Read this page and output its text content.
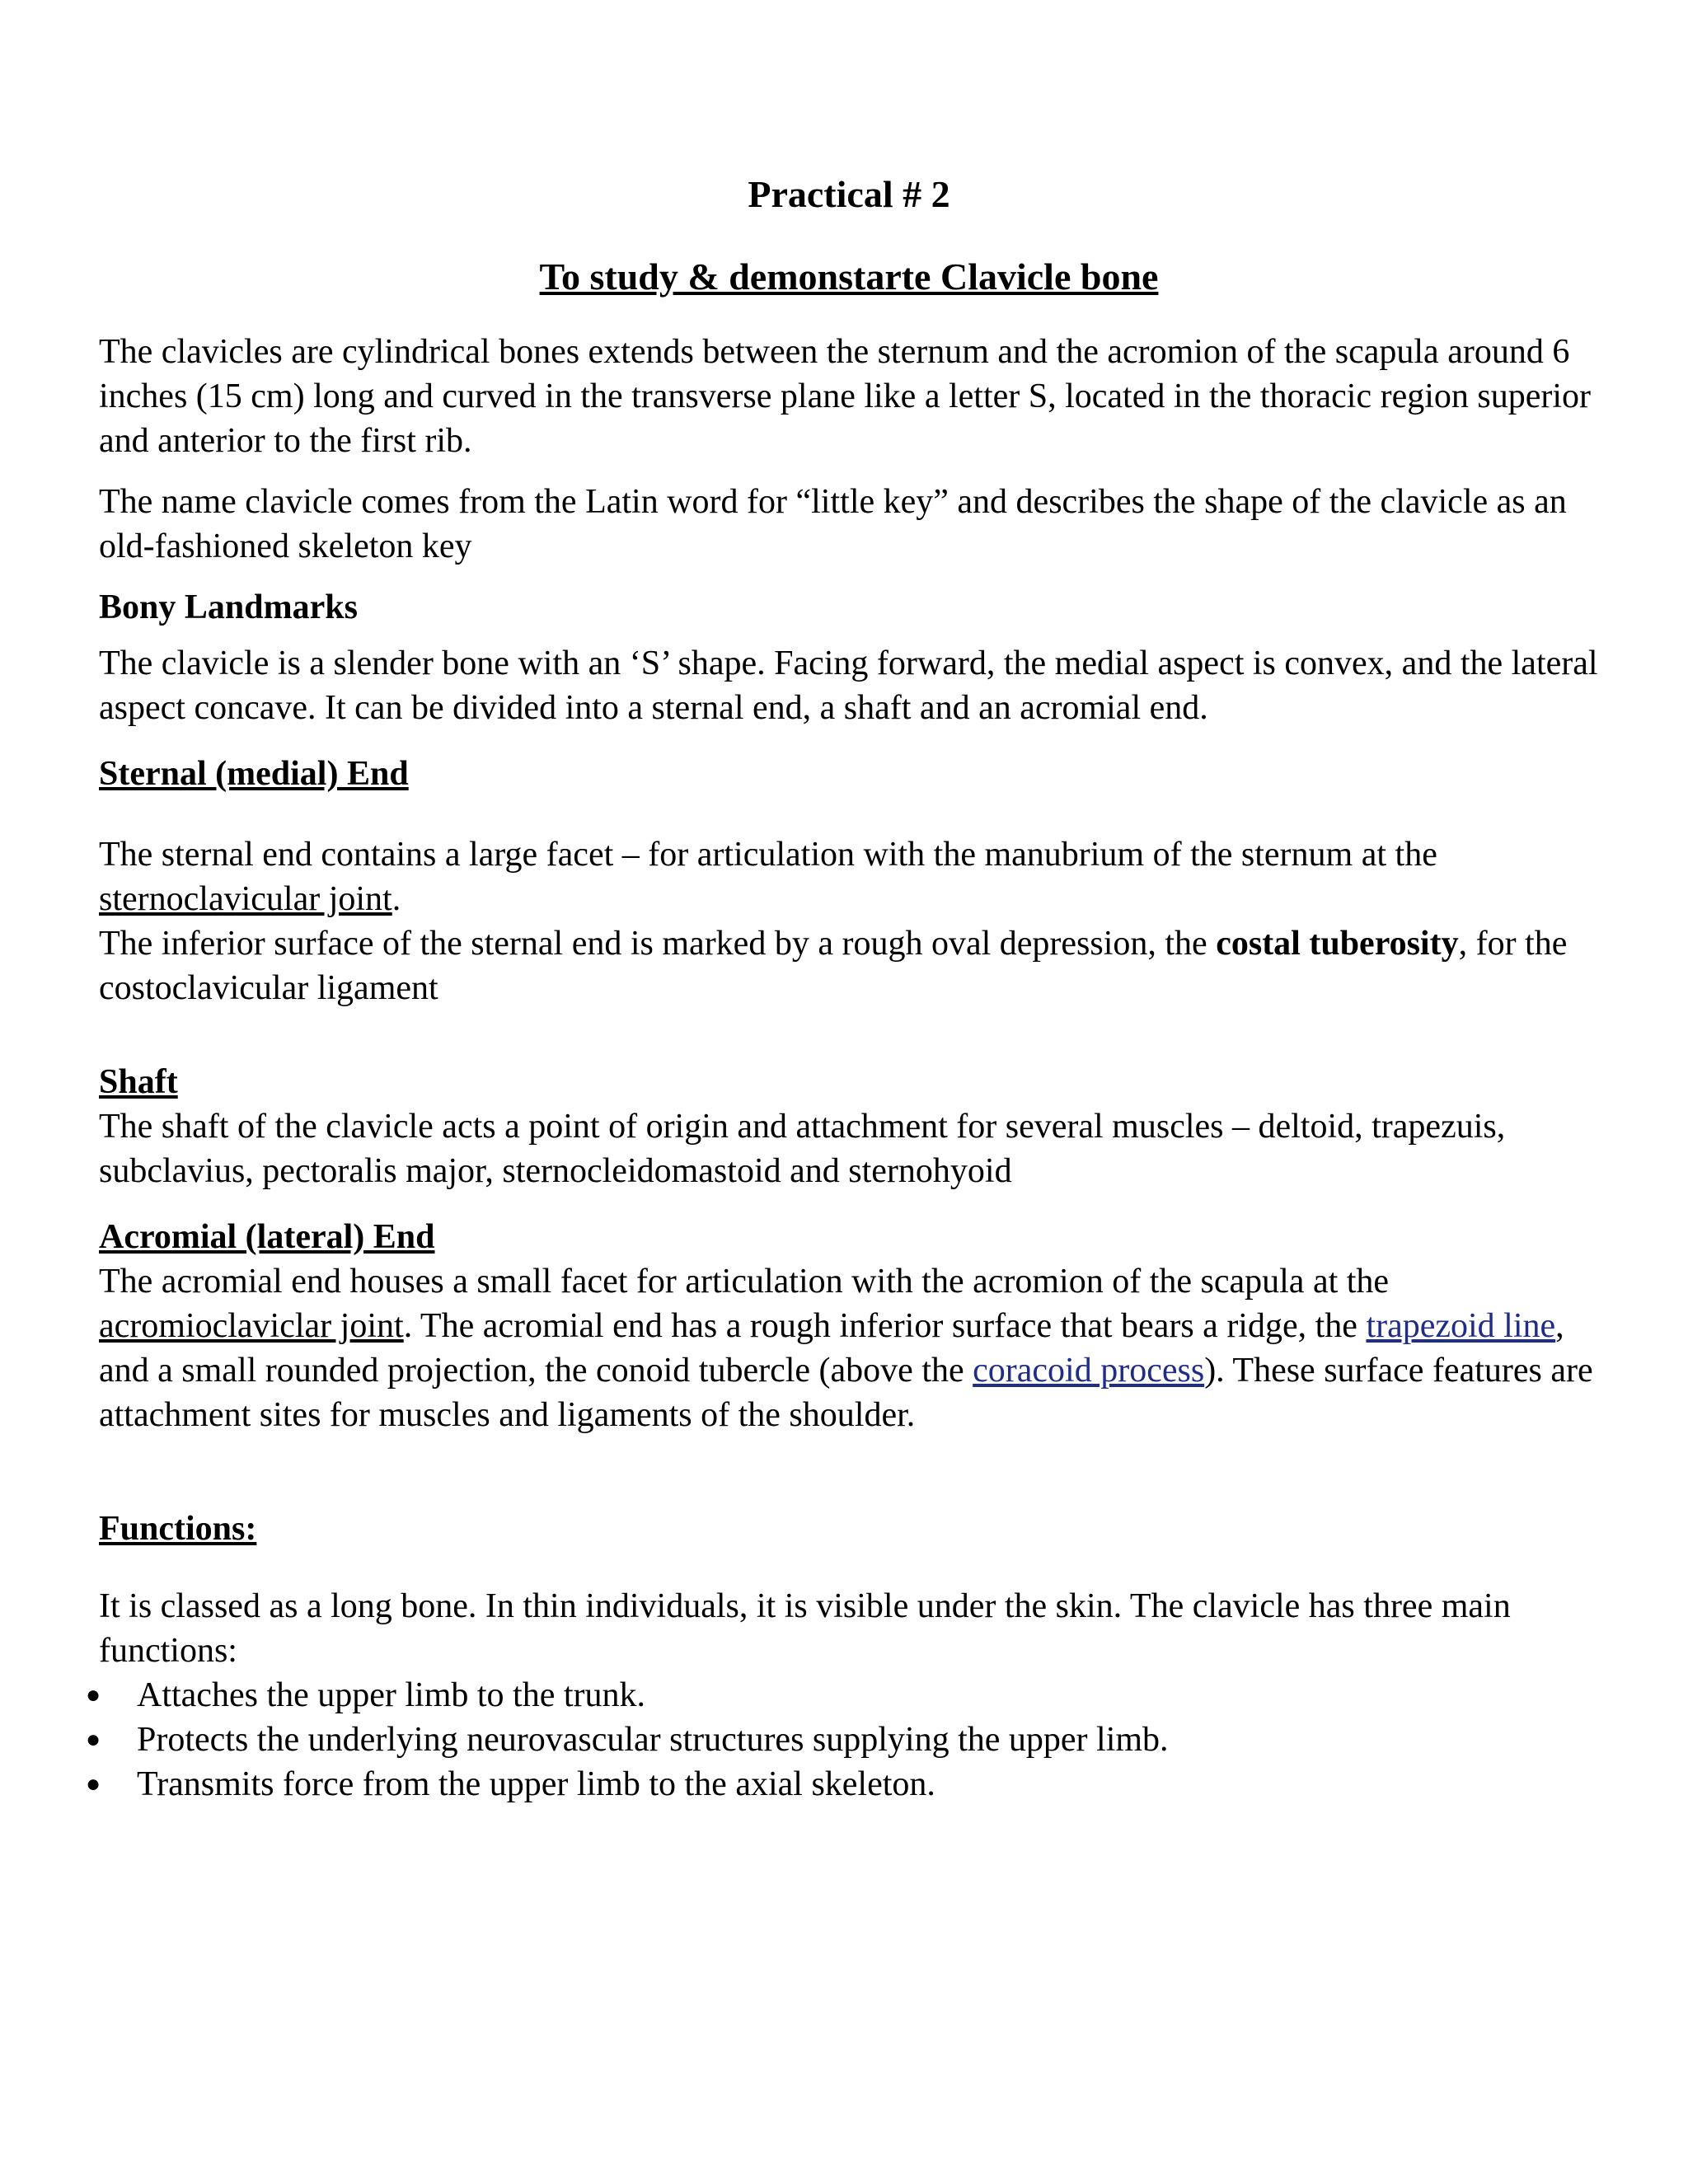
Practical # 2
To study & demonstarte Clavicle bone

The clavicles are cylindrical bones extends between the sternum and the acromion of the scapula around 6 inches (15 cm) long and curved in the transverse plane like a letter S, located in the thoracic region superior and anterior to the first rib.

The name clavicle comes from the Latin word for “little key” and describes the shape of the clavicle as an old-fashioned skeleton key

Bony Landmarks

The clavicle is a slender bone with an ‘S’ shape. Facing forward, the medial aspect is convex, and the lateral aspect concave. It can be divided into a sternal end, a shaft and an acromial end.

Sternal (medial) End

The sternal end contains a large facet – for articulation with the manubrium of the sternum at the sternoclavicular joint.

The inferior surface of the sternal end is marked by a rough oval depression, the costal tuberosity, for the costoclavicular ligament

Shaft

The shaft of the clavicle acts a point of origin and attachment for several muscles – deltoid, trapezuis, subclavius, pectoralis major, sternocleidomastoid and sternohyoid

Acromial (lateral) End

The acromial end houses a small facet for articulation with the acromion of the scapula at the acromioclaviclar joint. The acromial end has a rough inferior surface that bears a ridge, the trapezoid line, and a small rounded projection, the conoid tubercle (above the coracoid process). These surface features are attachment sites for muscles and ligaments of the shoulder.

Functions:

It is classed as a long bone. In thin individuals, it is visible under the skin. The clavicle has three main functions:

● Attaches the upper limb to the trunk.
● Protects the underlying neurovascular structures supplying the upper limb.
● Transmits force from the upper limb to the axial skeleton.
